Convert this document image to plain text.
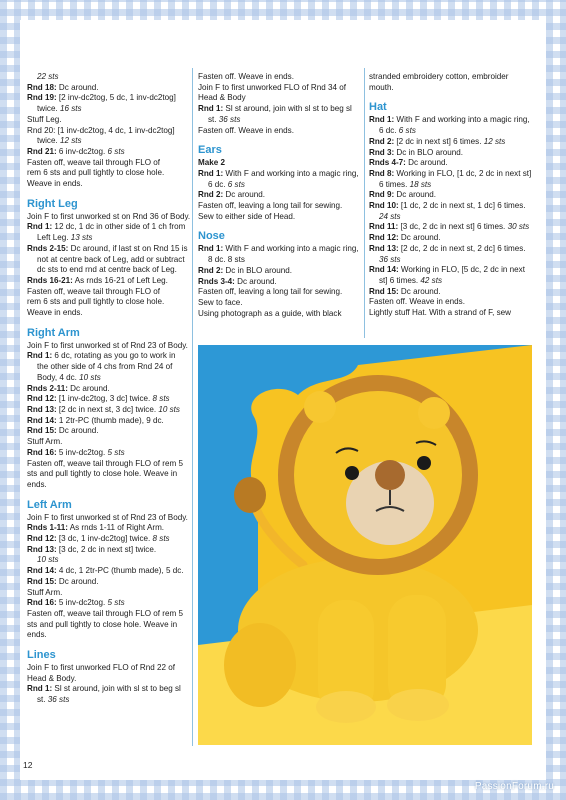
22 sts
Rnd 18: Dc around.
Rnd 19: [2 inv-dc2tog, 5 dc, 1 inv-dc2tog]
twice. 16 sts
Stuff Leg.
Rnd 20: [1 inv-dc2tog, 4 dc, 1 inv-dc2tog]
twice. 12 sts
Rnd 21: 6 inv-dc2tog. 6 sts
Fasten off, weave tail through FLO of
rem 6 sts and pull tightly to close hole.
Weave in ends.
Right Leg
Join F to first unworked st on Rnd 36 of Body.
Rnd 1: 12 dc, 1 dc in other side of 1 ch from
Left Leg. 13 sts
Rnds 2-15: Dc around, if last st on Rnd 15 is
not at centre back of Leg, add or subtract
dc sts to end rnd at centre back of Leg.
Rnds 16-21: As rnds 16-21 of Left Leg.
Fasten off, weave tail through FLO of
rem 6 sts and pull tightly to close hole.
Weave in ends.
Right Arm
Join F to first unworked st of Rnd 23 of Body.
Rnd 1: 6 dc, rotating as you go to work in
the other side of 4 chs from Rnd 24 of
Body, 4 dc. 10 sts
Rnds 2-11: Dc around.
Rnd 12: [1 inv-dc2tog, 3 dc] twice. 8 sts
Rnd 13: [2 dc in next st, 3 dc] twice. 10 sts
Rnd 14: 1 2tr-PC (thumb made), 9 dc.
Rnd 15: Dc around.
Stuff Arm.
Rnd 16: 5 inv-dc2tog. 5 sts
Fasten off, weave tail through FLO of rem 5
sts and pull tightly to close hole. Weave in
ends.
Left Arm
Join F to first unworked st of Rnd 23 of Body.
Rnds 1-11: As rnds 1-11 of Right Arm.
Rnd 12: [3 dc, 1 inv-dc2tog] twice. 8 sts
Rnd 13: [3 dc, 2 dc in next st] twice.
10 sts
Rnd 14: 4 dc, 1 2tr-PC (thumb made), 5 dc.
Rnd 15: Dc around.
Stuff Arm.
Rnd 16: 5 inv-dc2tog. 5 sts
Fasten off, weave tail through FLO of rem 5
sts and pull tightly to close hole. Weave in
ends.
Lines
Join F to first unworked FLO of Rnd 22 of
Head & Body.
Rnd 1: Sl st around, join with sl st to beg sl
st. 36 sts
Fasten off. Weave in ends.
Join F to first unworked FLO of Rnd 34 of
Head & Body
Rnd 1: Sl st around, join with sl st to beg sl
st. 36 sts
Fasten off. Weave in ends.
Ears
Make 2
Rnd 1: With F and working into a magic ring,
6 dc. 6 sts
Rnd 2: Dc around.
Fasten off, leaving a long tail for sewing.
Sew to either side of Head.
Nose
Rnd 1: With F and working into a magic ring,
8 dc. 8 sts
Rnd 2: Dc in BLO around.
Rnds 3-4: Dc around.
Fasten off, leaving a long tail for sewing.
Sew to face.
Using photograph as a guide, with black
stranded embroidery cotton, embroider
mouth.
Hat
Rnd 1: With F and working into a magic ring,
6 dc. 6 sts
Rnd 2: [2 dc in next st] 6 times. 12 sts
Rnd 3: Dc in BLO around.
Rnds 4-7: Dc around.
Rnd 8: Working in FLO, [1 dc, 2 dc in next st]
6 times. 18 sts
Rnd 9: Dc around.
Rnd 10: [1 dc, 2 dc in next st, 1 dc] 6 times.
24 sts
Rnd 11: [3 dc, 2 dc in next st] 6 times. 30 sts
Rnd 12: Dc around.
Rnd 13: [2 dc, 2 dc in next st, 2 dc] 6 times.
36 sts
Rnd 14: Working in FLO, [5 dc, 2 dc in next
st] 6 times. 42 sts
Rnd 15: Dc around.
Fasten off. Weave in ends.
Lightly stuff Hat. With a strand of F, sew
12
PassionForum.ru
